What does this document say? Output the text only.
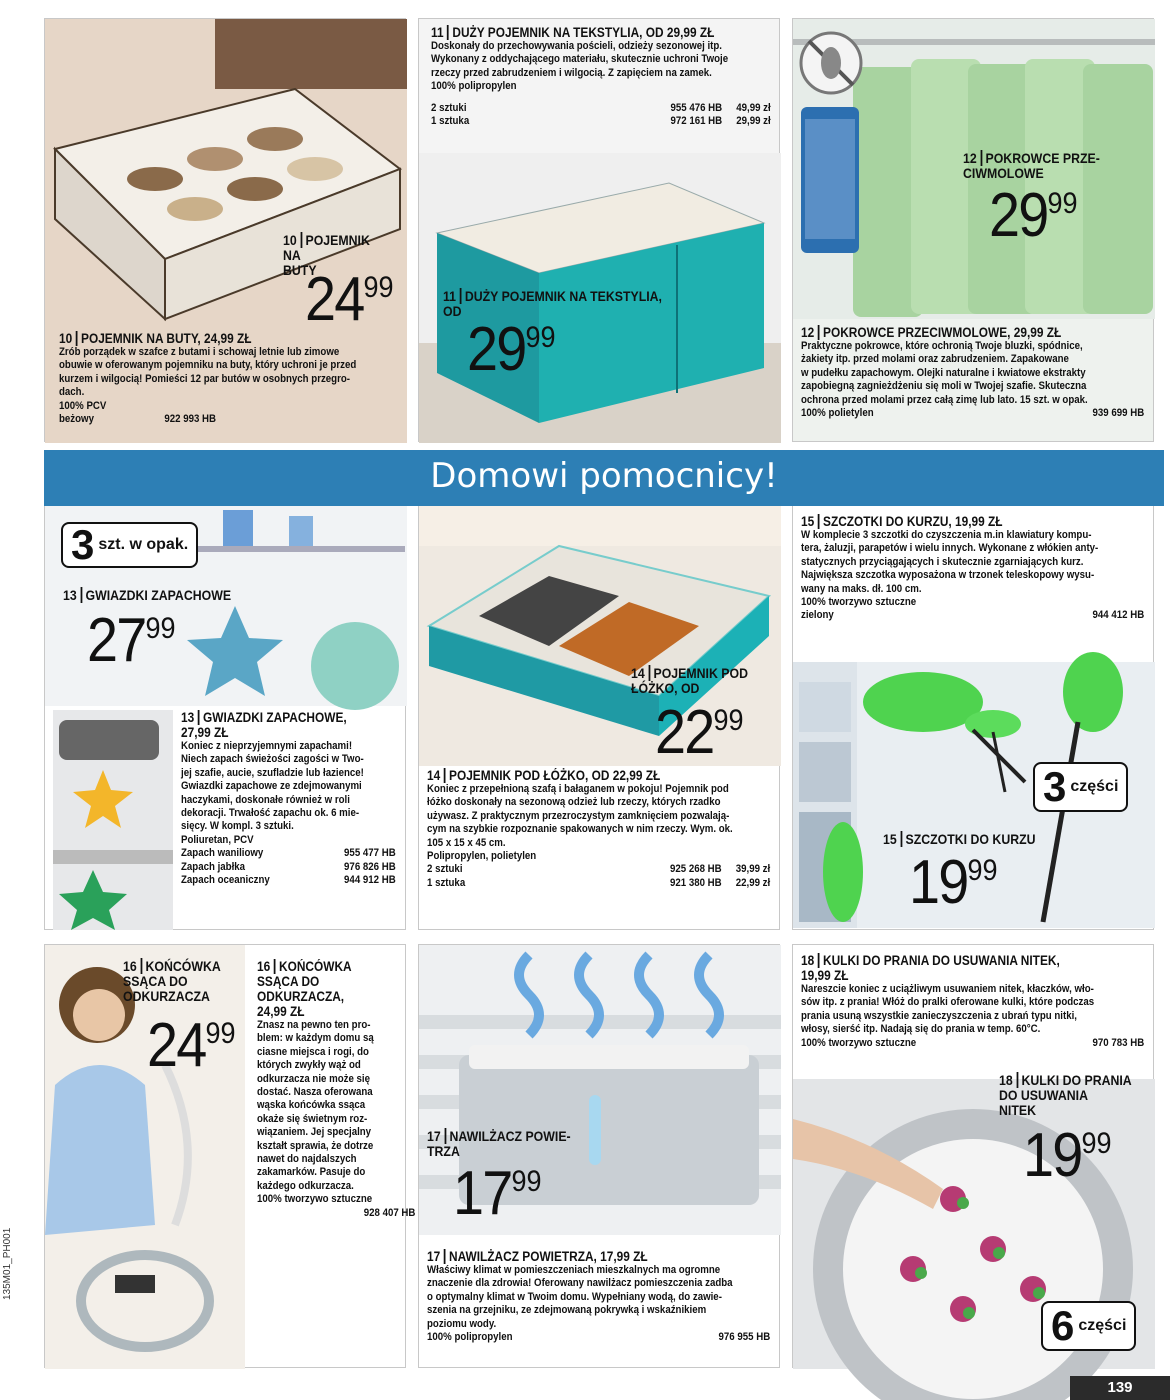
10 POJEMNIK NA
BUTY
2499
10 POJEMNIK NA BUTY, 24,99 ZŁ

Zrób porządek w szafce z butami i schowaj letnie lub zimowe
obuwie w oferowanym pojemniku na buty, który uchroni je przed
kurzem i wilgocią! Pomieści 12 par butów w osobnych przegro-
dach.

100% PCV

beżowy	922 993 HB
11 DUŻY POJEMNIK NA TEKSTYLIA, OD 29,99 ZŁ

Doskonały do przechowywania pościeli, odzieży sezonowej itp.
Wykonany z oddychającego materiału, skutecznie uchroni Twoje
rzeczy przed zabrudzeniem i wilgocią. Z zapięciem na zamek.

100% polipropylen

2 sztuki	955 476 HB 49,99 zł
1 sztuka	972 161 HB 29,99 zł
11 DUŻY POJEMNIK NA TEKSTYLIA,
OD
2999
12 POKROWCE PRZE-
CIWMOLOWE
2999
12 POKROWCE PRZECIWMOLOWE, 29,99 ZŁ

Praktyczne pokrowce, które ochronią Twoje bluzki, spódnice,
żakiety itp. przed molami oraz zabrudzeniem. Zapakowane
w pudełku zapachowym. Olejki naturalne i kwiatowe ekstrakty
zapobiegną zagnieżdżeniu się moli w Twojej szafie. Skuteczna
ochrona przed molami przez całą zimę lub lato. 15 szt. w opak.

100% polietylen	939 699 HB
Domowi pomocnicy!
3 szt. w opak.
13 GWIAZDKI ZAPACHOWE
2799
13 GWIAZDKI ZAPACHOWE,
27,99 ZŁ

Koniec z nieprzyjemnymi zapachami!
Niech zapach świeżości zagości w Two-
jej szafie, aucie, szufladzie lub łazience!
Gwiazdki zapachowe ze zdejmowanymi
haczykami, doskonałe również w roli
dekoracji. Trwałość zapachu ok. 6 mie-
sięcy. W kompl. 3 sztuki.

Poliuretan, PCV

Zapach waniliowy	955 477 HB
Zapach jabłka	976 826 HB
Zapach oceaniczny	944 912 HB
14 POJEMNIK POD
ŁÓŻKO, OD
2299
14 POJEMNIK POD ŁÓŻKO, OD 22,99 ZŁ

Koniec z przepełnioną szafą i bałaganem w pokoju! Pojemnik pod
łóżko doskonały na sezonową odzież lub rzeczy, których rzadko
używasz. Z praktycznym przezroczystym zamknięciem pozwalają-
cym na szybkie rozpoznanie spakowanych w nim rzeczy. Wym. ok.
105 x 15 x 45 cm.

Polipropylen, polietylen

2 sztuki	925 268 HB 39,99 zł
1 sztuka	921 380 HB 22,99 zł
15 SZCZOTKI DO KURZU, 19,99 ZŁ

W komplecie 3 szczotki do czyszczenia m.in klawiatury kompu-
tera, żaluzji, parapetów i wielu innych. Wykonane z włókien anty-
statycznych przyciągających i skutecznie zgarniających kurz.
Największa szczotka wyposażona w trzonek teleskopowy wysu-
wany na maks. dł. 100 cm.

100% tworzywo sztuczne

zielony	944 412 HB
3 części
15 SZCZOTKI DO KURZU
1999
16 KOŃCÓWKA
SSĄCA DO
ODKURZACZA
2499
16 KOŃCÓWKA
SSĄCA DO
ODKURZACZA,
24,99 ZŁ

Znasz na pewno ten pro-
blem: w każdym domu są
ciasne miejsca i rogi, do
których zwykły wąż od
odkurzacza nie może się
dostać. Nasza oferowana
wąska końcówka ssąca
okaże się świetnym roz-
wiązaniem. Jej specjalny
kształt sprawia, że dotrze
nawet do najdalszych
zakamarków. Pasuje do
każdego odkurzacza.

100% tworzywo sztuczne

928 407 HB

17 NAWILŻACZ POWIE-
TRZA
1799
17 NAWILŻACZ POWIETRZA, 17,99 ZŁ

Właściwy klimat w pomieszczeniach mieszkalnych ma ogromne
znaczenie dla zdrowia! Oferowany nawilżacz pomieszczenia zadba
o optymalny klimat w Twoim domu. Wypełniany wodą, do zawie-
szenia na grzejniku, ze zdejmowaną pokrywką i wskaźnikiem
poziomu wody.

100% polipropylen	976 955 HB
18 KULKI DO PRANIA DO USUWANIA NITEK,
19,99 ZŁ

Nareszcie koniec z uciążliwym usuwaniem nitek, kłaczków, wło-
sów itp. z prania! Włóż do pralki oferowane kulki, które podczas
prania usuną wszystkie zanieczyszczenia z ubrań typu nitki,
włosy, sierść itp. Nadają się do prania w temp. 60°C.

100% tworzywo sztuczne	970 783 HB
18 KULKI DO PRANIA
DO USUWANIA
NITEK
1999
6 części
139
135M01_PH001
